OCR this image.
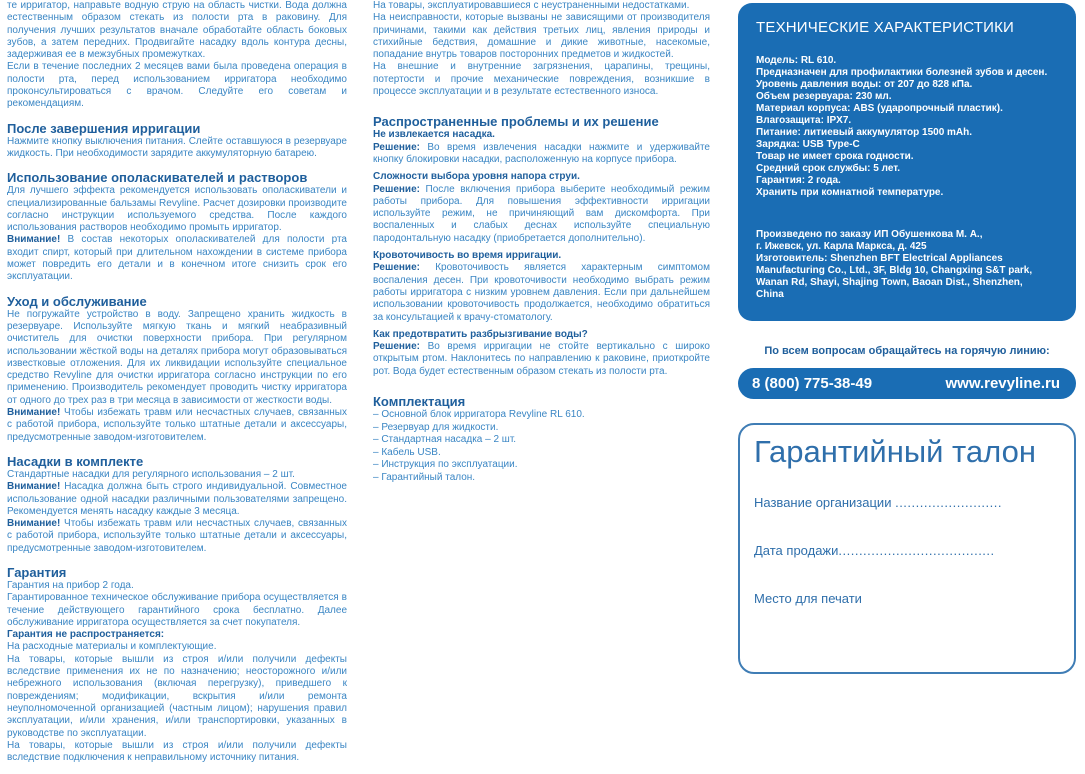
те ирригатор, направьте водную струю на область чистки. Вода должна естественным образом стекать из полости рта в раковину. Для получения лучших результатов вначале обработайте область боковых зубов, а затем передних. Продвигайте насадку вдоль контура десны, задерживая ее в межзубных промежутках.

Если в течение последних 2 месяцев вами была проведена операция в полости рта, перед использованием ирригатора необходимо проконсультироваться с врачом. Следуйте его советам и рекомендациям.

После завершения ирригации

Нажмите кнопку выключения питания. Слейте оставшуюся в резервуаре жидкость. При необходимости зарядите аккумуляторную батарею.

Использование ополаскивателей и растворов

Для лучшего эффекта рекомендуется использовать ополаскиватели и специализированные бальзамы Revyline. Расчет дозировки производите согласно инструкции используемого средства. После каждого использования растворов необходимо промыть ирригатор.

Внимание! В состав некоторых ополаскивателей для полости рта входит спирт, который при длительном нахождении в системе прибора может повредить его детали и в конечном итоге снизить срок его эксплуатации.

Уход и обслуживание

Не погружайте устройство в воду. Запрещено хранить жидкость в резервуаре. Используйте мягкую ткань и мягкий неабразивный очиститель для очистки поверхности прибора. При регулярном использовании жёсткой воды на деталях прибора могут образовываться известковые отложения. Для их ликвидации используйте специальное средство Revyline для очистки ирригатора согласно инструкции по его применению. Производитель рекомендует проводить чистку ирригатора от одного до трех раз в три месяца в зависимости от жесткости воды.

Внимание! Чтобы избежать травм или несчастных случаев, связанных с работой прибора, используйте только штатные детали и аксессуары, предусмотренные заводом-изготовителем.

Насадки в комплекте

Стандартные насадки для регулярного использования – 2 шт.

Внимание! Насадка должна быть строго индивидуальной. Совместное использование одной насадки различными пользователями запрещено. Рекомендуется менять насадку каждые 3 месяца.

Внимание! Чтобы избежать травм или несчастных случаев, связанных с работой прибора, используйте только штатные детали и аксессуары, предусмотренные заводом-изготовителем.

Гарантия

Гарантия на прибор 2 года.

Гарантированное техническое обслуживание прибора осуществляется в течение действующего гарантийного срока бесплатно. Далее обслуживание ирригатора осуществляется за счет покупателя.

Гарантия не распространяется:

На расходные материалы и комплектующие.

На товары, которые вышли из строя и/или получили дефекты вследствие применения их не по назначению; неосторожного и/или небрежного использования (включая перегрузку), приведшего к повреждениям; модификации, вскрытия и/или ремонта неуполномоченной организацией (частным лицом); нарушения правил эксплуатации, и/или хранения, и/или транспортировки, указанных в руководстве по эксплуатации.

На товары, которые вышли из строя и/или получили дефекты вследствие подключения к неправильному источнику питания.

На товары, эксплуатировавшиеся с неустраненными недостатками.

На неисправности, которые вызваны не зависящими от производителя причинами, такими как действия третьих лиц, явления природы и стихийные бедствия, домашние и дикие животные, насекомые, попадание внутрь товаров посторонних предметов и жидкостей.

На внешние и внутренние загрязнения, царапины, трещины, потертости и прочие механические повреждения, возникшие в процессе эксплуатации и в результате естественного износа.

Распространенные проблемы и их решение
Не извлекается насадка.

Решение: Во время извлечения насадки нажмите и удерживайте кнопку блокировки насадки, расположенную на корпусе прибора.

Сложности выбора уровня напора струи.

Решение: После включения прибора выберите необходимый режим работы прибора. Для повышения эффективности ирригации используйте режим, не причиняющий вам дискомфорта. При воспаленных и слабых деснах используйте специальную пародонтальную насадку (приобретается дополнительно).

Кровоточивость во время ирригации.

Решение: Кровоточивость является характерным симптомом воспаления десен. При кровоточивости необходимо выбрать режим работы ирригатора с низким уровнем давления. Если при дальнейшем использовании кровоточивость продолжается, необходимо обратиться за консультацией к врачу-стоматологу.

Как предотвратить разбрызгивание воды?

Решение: Во время ирригации не стойте вертикально с широко открытым ртом. Наклонитесь по направлению к раковине, приоткройте рот. Вода будет естественным образом стекать из полости рта.

Комплектация
– Основной блок ирригатора Revyline RL 610.
– Резервуар для жидкости.
– Стандартная насадка – 2 шт.
– Кабель USB.
– Инструкция по эксплуатации.
– Гарантийный талон.
ТЕХНИЧЕСКИЕ ХАРАКТЕРИСТИКИ
Модель: RL 610.
Предназначен для профилактики болезней зубов и десен.
Уровень давления воды: от 207 до 828 кПа.
Объем резервуара: 230 мл.
Материал корпуса: ABS (ударопрочный пластик).
Влагозащита: IPX7.
Питание: литиевый аккумулятор 1500 mAh.
Зарядка: USB Type-C
Товар не имеет срока годности.
Средний срок службы: 5 лет.
Гарантия: 2 года.
Хранить при комнатной температуре.
Произведено по заказу ИП Обушенкова М. А.,
г. Ижевск, ул. Карла Маркса, д. 425
Изготовитель: Shenzhen BFT Electrical Appliances
Manufacturing Co., Ltd., 3F, Bldg 10, Changxing S&T park,
Wanan Rd, Shayi, Shajing Town, Baoan Dist., Shenzhen,
China
По всем вопросам обращайтесь на горячую линию:
8 (800) 775-38-49	www.revyline.ru
Гарантийный талон
Название организации ..........................
Дата продажи......................................
Место для печати
